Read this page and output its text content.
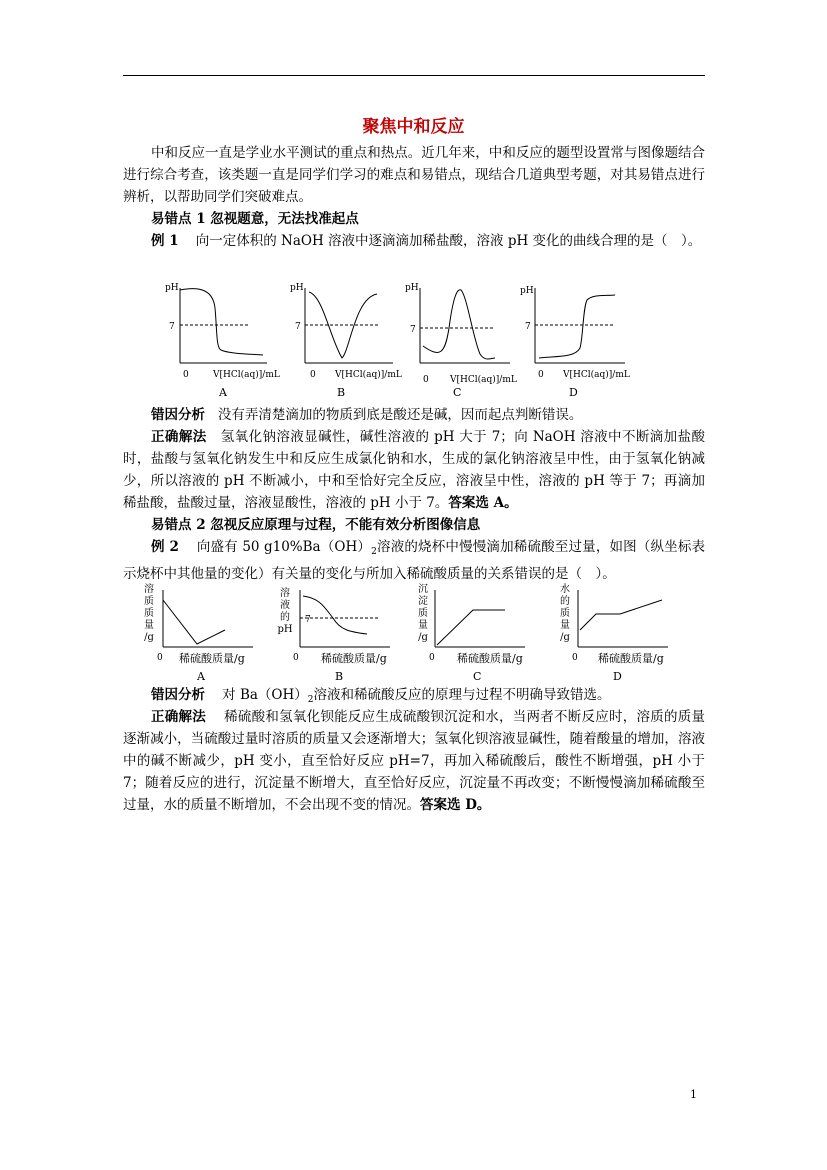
聚焦中和反应
中和反应一直是学业水平测试的重点和热点。近几年来，中和反应的题型设置常与图像题结合进行综合考查，该类题一直是同学们学习的难点和易错点，现结合几道典型考题，对其易错点进行辨析，以帮助同学们突破难点。
易错点 1 忽视题意，无法找准起点
例 1 向一定体积的 NaOH 溶液中逐滴滴加稀盐酸，溶液 pH 变化的曲线合理的是（　）。
pH
7
0	V[HCl(aq)]/mL
pH
7
0 V[HCl(aq)]/mL
pH
7
0 V[HCl(aq)]/mL
pH
7
0 V[HCl(aq)]/mL
A	B	C	D
错因分析 没有弄清楚滴加的物质到底是酸还是碱，因而起点判断错误。
正确解法 氢氧化钠溶液显碱性，碱性溶液的 pH 大于 7；向 NaOH 溶液中不断滴加盐酸时，盐酸与氢氧化钠发生中和反应生成氯化钠和水，生成的氯化钠溶液呈中性，由于氢氧化钠减少，所以溶液的 pH 不断减小，中和至恰好完全反应，溶液呈中性，溶液的 pH 等于 7；再滴加稀盐酸，盐酸过量，溶液显酸性，溶液的 pH 小于 7。答案选 A。
易错点 2 忽视反应原理与过程，不能有效分析图像信息
例 2 向盛有 50 $g10\%Ba(OH)_2$溶液的烧杯中慢慢滴加稀硫酸至过量，如图（纵坐标表示烧杯中其他量的变化）有关量的变化与所加入稀硫酸质量的关系错误的是（　）。
溶
质
质
量
/g
溶
液
的
pH
沉
淀
质
量
/g
水
的
质
量
/g
7
0	0	0	0
稀硫酸质量/g	稀硫酸质量/g	稀硫酸质量/g	稀硫酸质量/g
A	B	C	D
错因分析 对 $Ba(OH)_2$溶液和稀硫酸反应的原理与过程不明确导致错选。
正确解法 稀硫酸和氢氧化钡能反应生成硫酸钡沉淀和水，当两者不断反应时，溶质的质量逐渐减小，当硫酸过量时溶质的质量又会逐渐增大；氢氧化钡溶液显碱性，随着酸量的增加，溶液中的碱不断减少，pH 变小，直至恰好反应 pH=7，再加入稀硫酸后，酸性不断增强，pH 小于 7；随着反应的进行，沉淀量不断增大，直至恰好反应，沉淀量不再改变；不断慢慢滴加稀硫酸至过量，水的质量不断增加，不会出现不变的情况。答案选 D。
1
